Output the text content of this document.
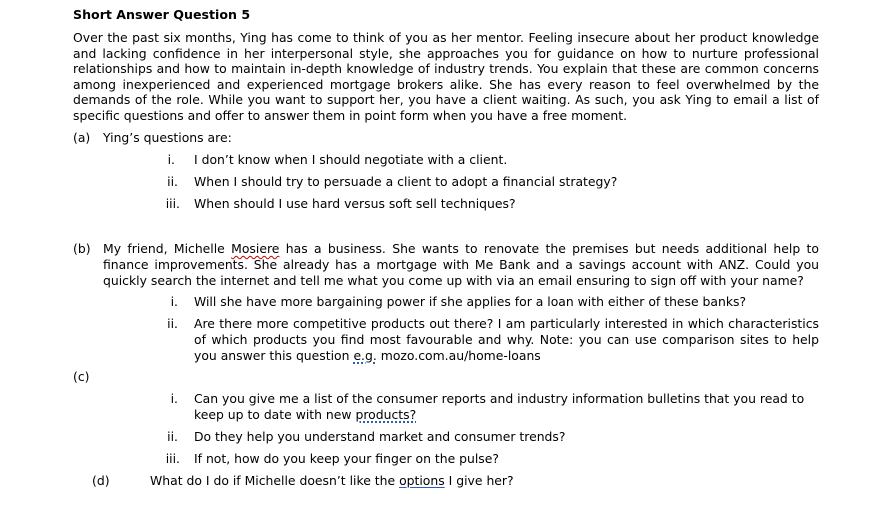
Short Answer Question 5
Over the past six months, Ying has come to think of you as her mentor. Feeling insecure about her product knowledge and lacking confidence in her interpersonal style, she approaches you for guidance on how to nurture professional relationships and how to maintain in-depth knowledge of industry trends. You explain that these are common concerns among inexperienced and experienced mortgage brokers alike. She has every reason to feel overwhelmed by the demands of the role. While you want to support her, you have a client waiting. As such, you ask Ying to email a list of specific questions and offer to answer them in point form when you have a free moment.
(a) Ying’s questions are:
i. I don’t know when I should negotiate with a client.
ii. When I should try to persuade a client to adopt a financial strategy?
iii. When should I use hard versus soft sell techniques?
(b) My friend, Michelle Mosiere has a business. She wants to renovate the premises but needs additional help to finance improvements. She already has a mortgage with Me Bank and a savings account with ANZ. Could you quickly search the internet and tell me what you come up with via an email ensuring to sign off with your name?
i. Will she have more bargaining power if she applies for a loan with either of these banks?
ii. Are there more competitive products out there? I am particularly interested in which characteristics of which products you find most favourable and why. Note: you can use comparison sites to help you answer this question e.g. mozo.com.au/home-loans
(c)
i. Can you give me a list of the consumer reports and industry information bulletins that you read to keep up to date with new products?
ii. Do they help you understand market and consumer trends?
iii. If not, how do you keep your finger on the pulse?
(d)	What do I do if Michelle doesn’t like the options I give her?
